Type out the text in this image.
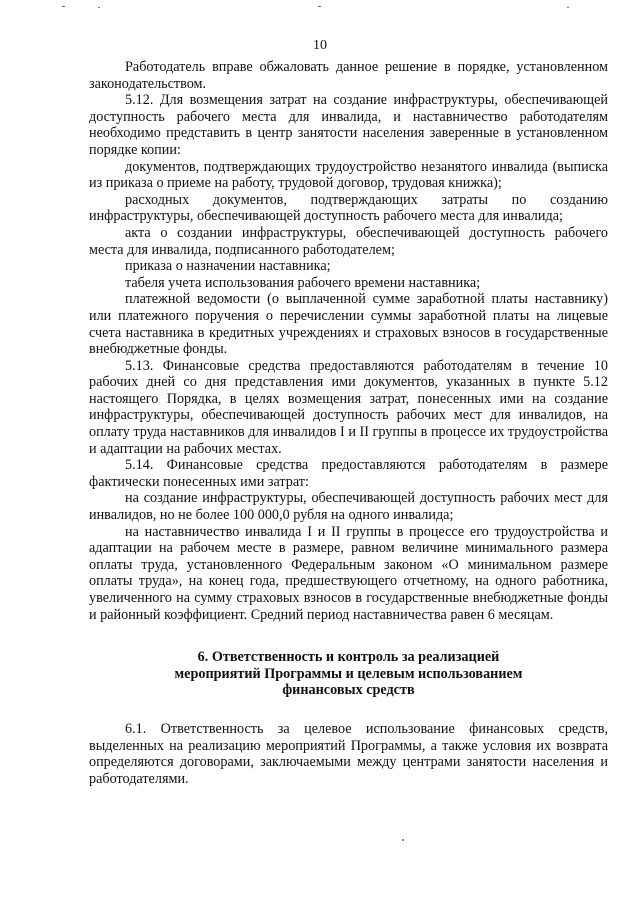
10

Работодатель вправе обжаловать данное решение в порядке, установленном законодательством.

5.12. Для возмещения затрат на создание инфраструктуры, обеспечивающей доступность рабочего места для инвалида, и наставничество работодателям необходимо представить в центр занятости населения заверенные в установленном порядке копии:

документов, подтверждающих трудоустройство незанятого инвалида (выписка из приказа о приеме на работу, трудовой договор, трудовая книжка);

расходных документов, подтверждающих затраты по созданию инфраструктуры, обеспечивающей доступность рабочего места для инвалида;

акта о создании инфраструктуры, обеспечивающей доступность рабочего места для инвалида, подписанного работодателем;

приказа о назначении наставника;

табеля учета использования рабочего времени наставника;

платежной ведомости (о выплаченной сумме заработной платы наставнику) или платежного поручения о перечислении суммы заработной платы на лицевые счета наставника в кредитных учреждениях и страховых взносов в государственные внебюджетные фонды.

5.13. Финансовые средства предоставляются работодателям в течение 10 рабочих дней со дня представления ими документов, указанных в пункте 5.12 настоящего Порядка, в целях возмещения затрат, понесенных ими на создание инфраструктуры, обеспечивающей доступность рабочих мест для инвалидов, на оплату труда наставников для инвалидов I и II группы в процессе их трудоустройства и адаптации на рабочих местах.

5.14. Финансовые средства предоставляются работодателям в размере фактически понесенных ими затрат:

на создание инфраструктуры, обеспечивающей доступность рабочих мест для инвалидов, но не более 100 000,0 рубля на одного инвалида;

на наставничество инвалида I и II группы в процессе его трудоустройства и адаптации на рабочем месте в размере, равном величине минимального размера оплаты труда, установленного Федеральным законом «О минимальном размере оплаты труда», на конец года, предшествующего отчетному, на одного работника, увеличенного на сумму страховых взносов в государственные внебюджетные фонды и районный коэффициент. Средний период наставничества равен 6 месяцам.

6. Ответственность и контроль за реализацией
мероприятий Программы и целевым использованием
финансовых средств

6.1. Ответственность за целевое использование финансовых средств, выделенных на реализацию мероприятий Программы, а также условия их возврата определяются договорами, заключаемыми между центрами занятости населения и работодателями.
